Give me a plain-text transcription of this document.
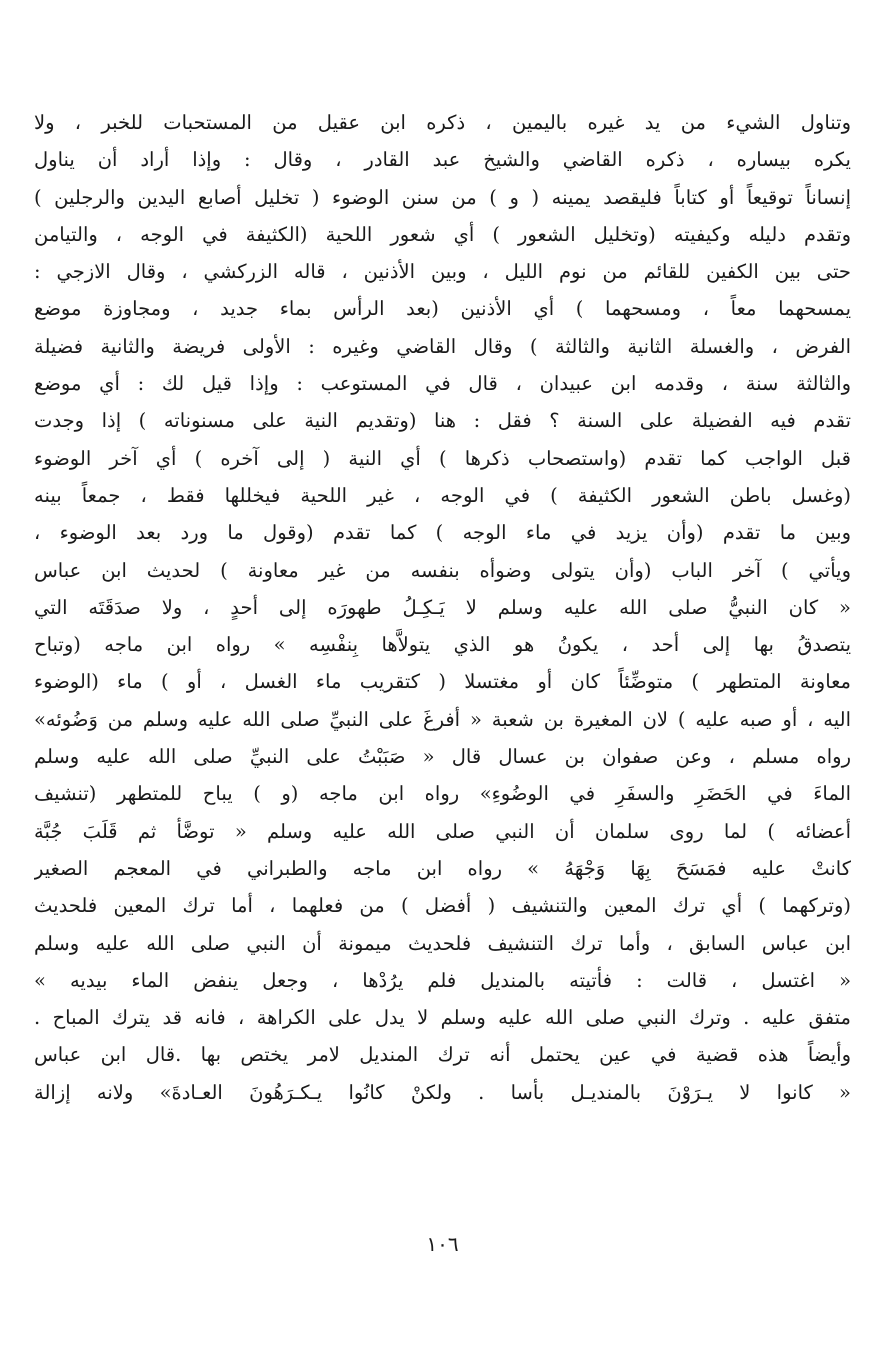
وتناول الشيء من يد غيره باليمين ، ذكره ابن عقيل من المستحبات للخبر ، ولا
يكره بيساره ، ذكره القاضي والشيخ عبد القادر ، وقال : وإذا أراد أن يناول
إنساناً توقيعاً أو كتاباً فليقصد يمينه ( و ) من سنن الوضوء ( تخليل أصابع اليدين والرجلين )
وتقدم دليله وكيفيته (وتخليل الشعور ) أي شعور اللحية (الكثيفة في الوجه ، والتيامن
حتى بين الكفين للقائم من نوم الليل ، وبين الأذنين ، قاله الزركشي ، وقال الازجي :
يمسحهما معاً ، ومسحهما ) أي الأذنين (بعد الرأس بماء جديد ، ومجاوزة موضع
الفرض ، والغسلة الثانية والثالثة ) وقال القاضي وغيره : الأولى فريضة والثانية فضيلة
والثالثة سنة ، وقدمه ابن عبيدان ، قال في المستوعب : وإذا قيل لك : أي موضع
تقدم فيه الفضيلة على السنة ؟ فقل : هنا (وتقديم النية على مسنوناته ) إذا وجدت
قبل الواجب كما تقدم (واستصحاب ذكرها ) أي النية ( إلى آخره ) أي آخر الوضوء
(وغسل باطن الشعور الكثيفة ) في الوجه ، غير اللحية فيخللها فقط ، جمعاً بينه
وبين ما تقدم (وأن يزيد في ماء الوجه ) كما تقدم (وقول ما ورد بعد الوضوء ،
ويأتي ) آخر الباب (وأن يتولى وضوأه بنفسه من غير معاونة ) لحديث ابن عباس
« كان النبيُّ صلى الله عليه وسلم لا يَـكِـلُ طهورَه إلى أحدٍ ، ولا صدَقَتَه التي
يتصدقُ بها إلى أحد ، يكونُ هو الذي يتولاَّها بِنفْسِه » رواه ابن ماجه (وتباح
معاونة المتطهر ) متوضِّئاً كان أو مغتسلا ( كتقريب ماء الغسل ، أو ) ماء (الوضوء
اليه ، أو صبه عليه ) لان المغيرة بن شعبة « أفرغَ على النبيِّ صلى الله عليه وسلم من وَضُوئه»
رواه مسلم ، وعن صفوان بن عسال قال « صَبَبْتُ على النبيِّ صلى الله عليه وسلم
الماءَ في الحَضَرِ والسفَرِ في الوضُوءِ» رواه ابن ماجه (و ) يباح للمتطهر (تنشيف
أعضائه ) لما روى سلمان أن النبي صلى الله عليه وسلم « توضَّأ ثم قَلَبَ جُبَّة
كانتْ عليه فمَسَحَ بِهَا وَجْهَهُ » رواه ابن ماجه والطبراني في المعجم الصغير
(وتركهما ) أي ترك المعين والتنشيف ( أفضل ) من فعلهما ، أما ترك المعين فلحديث
ابن عباس السابق ، وأما ترك التنشيف فلحديث ميمونة أن النبي صلى الله عليه وسلم
« اغتسل ، قالت : فأتيته بالمنديل فلم يرُدْها ، وجعل ينفض الماء بيديه »
متفق عليه . وترك النبي صلى الله عليه وسلم لا يدل على الكراهة ، فانه قد يترك المباح .
وأيضاً هذه قضية في عين يحتمل أنه ترك المنديل لامر يختص بها .قال ابن عباس
« كانوا لا يـرَوْنَ بالمنديـل بأسا . ولكنْ كانُوا يـكـرَهُونَ العـادةَ» ولانه إزالة
١٠٦
